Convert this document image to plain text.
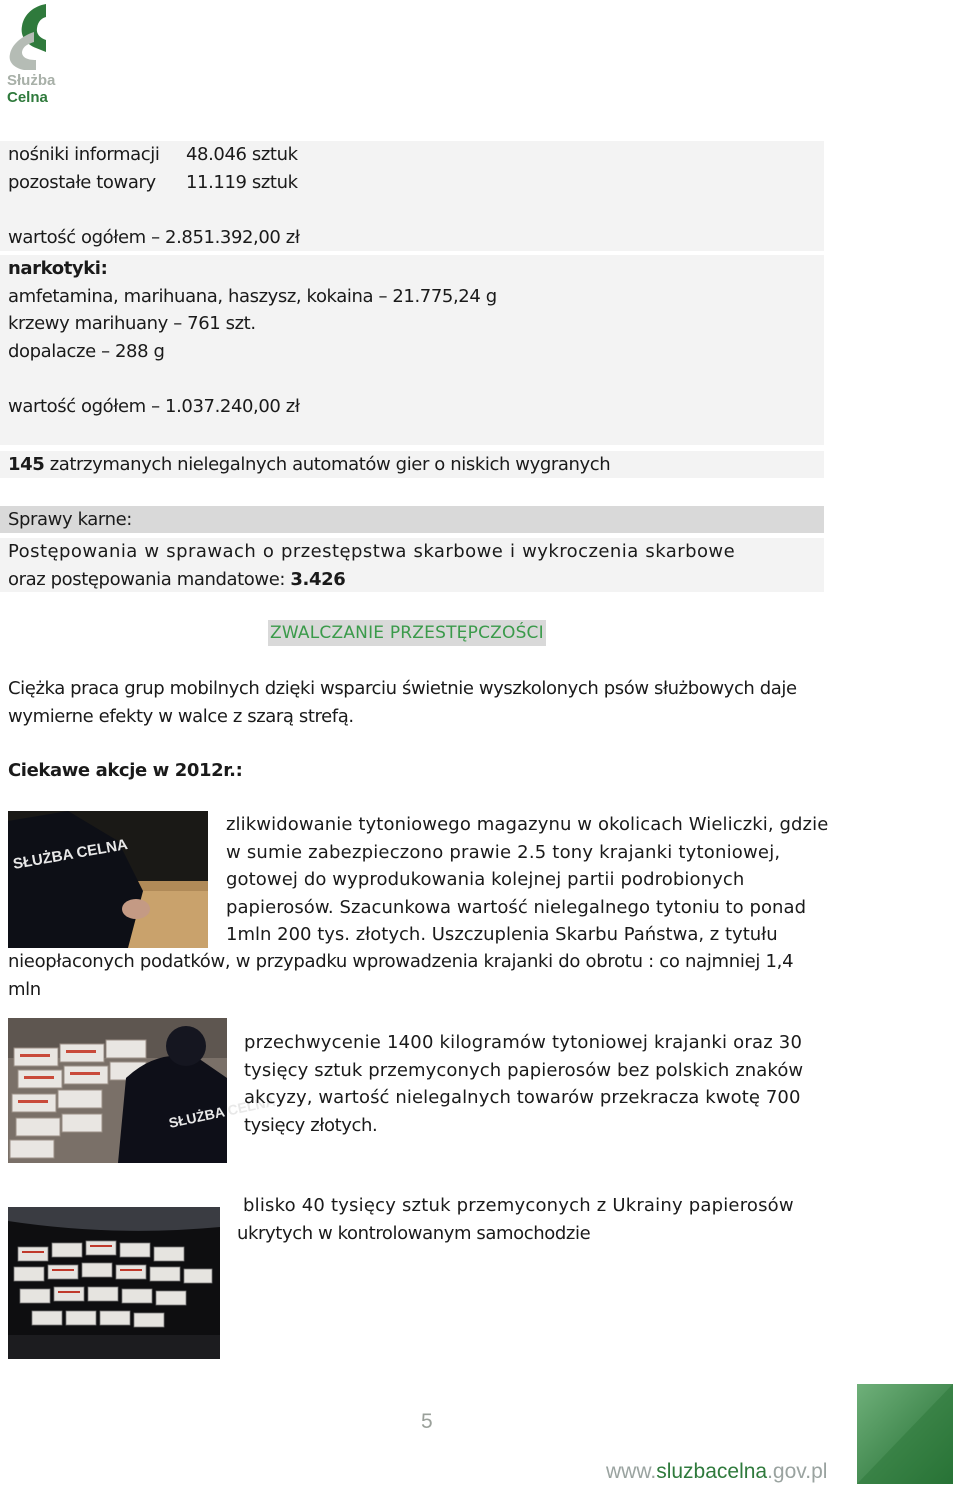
Służba
Celna
nośniki informacji 48.046 sztuk
pozostałe towary 11.119 sztuk
wartość ogółem – 2.851.392,00 zł
narkotyki:
amfetamina, marihuana, haszysz, kokaina – 21.775,24 g
krzewy marihuany – 761 szt.
dopalacze – 288 g
wartość ogółem – 1.037.240,00 zł
145 zatrzymanych nielegalnych automatów gier o niskich wygranych
Sprawy karne:
Postępowania w sprawach o przestępstwa skarbowe i wykroczenia skarbowe
oraz postępowania mandatowe: 3.426
ZWALCZANIE PRZESTĘPCZOŚCI
Ciężka praca grup mobilnych dzięki wsparciu świetnie wyszkolonych psów służbowych daje
wymierne efekty w walce z szarą strefą.
Ciekawe akcje w 2012r.:
SŁUŻBA CELNA
zlikwidowanie tytoniowego magazynu w okolicach Wieliczki, gdzie
w sumie zabezpieczono prawie 2.5 tony krajanki tytoniowej,
gotowej do wyprodukowania kolejnej partii podrobionych
papierosów. Szacunkowa wartość nielegalnego tytoniu to ponad
1mln 200 tys. złotych. Uszczuplenia Skarbu Państwa, z tytułu
nieopłaconych podatków, w przypadku wprowadzenia krajanki do obrotu : co najmniej 1,4
mln
SŁUŻBA CELNA
przechwycenie 1400 kilogramów tytoniowej krajanki oraz 30
tysięcy sztuk przemyconych papierosów bez polskich znaków
akcyzy, wartość nielegalnych towarów przekracza kwotę 700
tysięcy złotych.
blisko 40 tysięcy sztuk przemyconych z Ukrainy papierosów
ukrytych w kontrolowanym samochodzie
5
www.sluzbacelna.gov.pl
